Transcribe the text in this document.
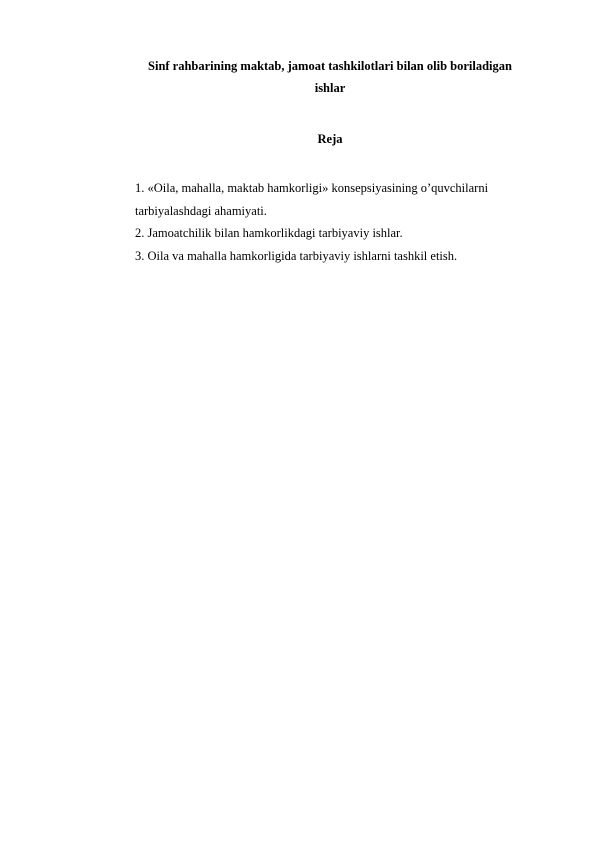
Sinf rahbarining maktab, jamoat tashkilotlari bilan olib boriladigan
ishlar
Reja
1. «Oila, mahalla, maktab hamkorligi» konsepsiyasining o’quvchilarni
tarbiyalashdagi ahamiyati.
2. Jamoatchilik bilan hamkorlikdagi tarbiyaviy ishlar.
3. Oila va mahalla hamkorligida tarbiyaviy ishlarni tashkil etish.
